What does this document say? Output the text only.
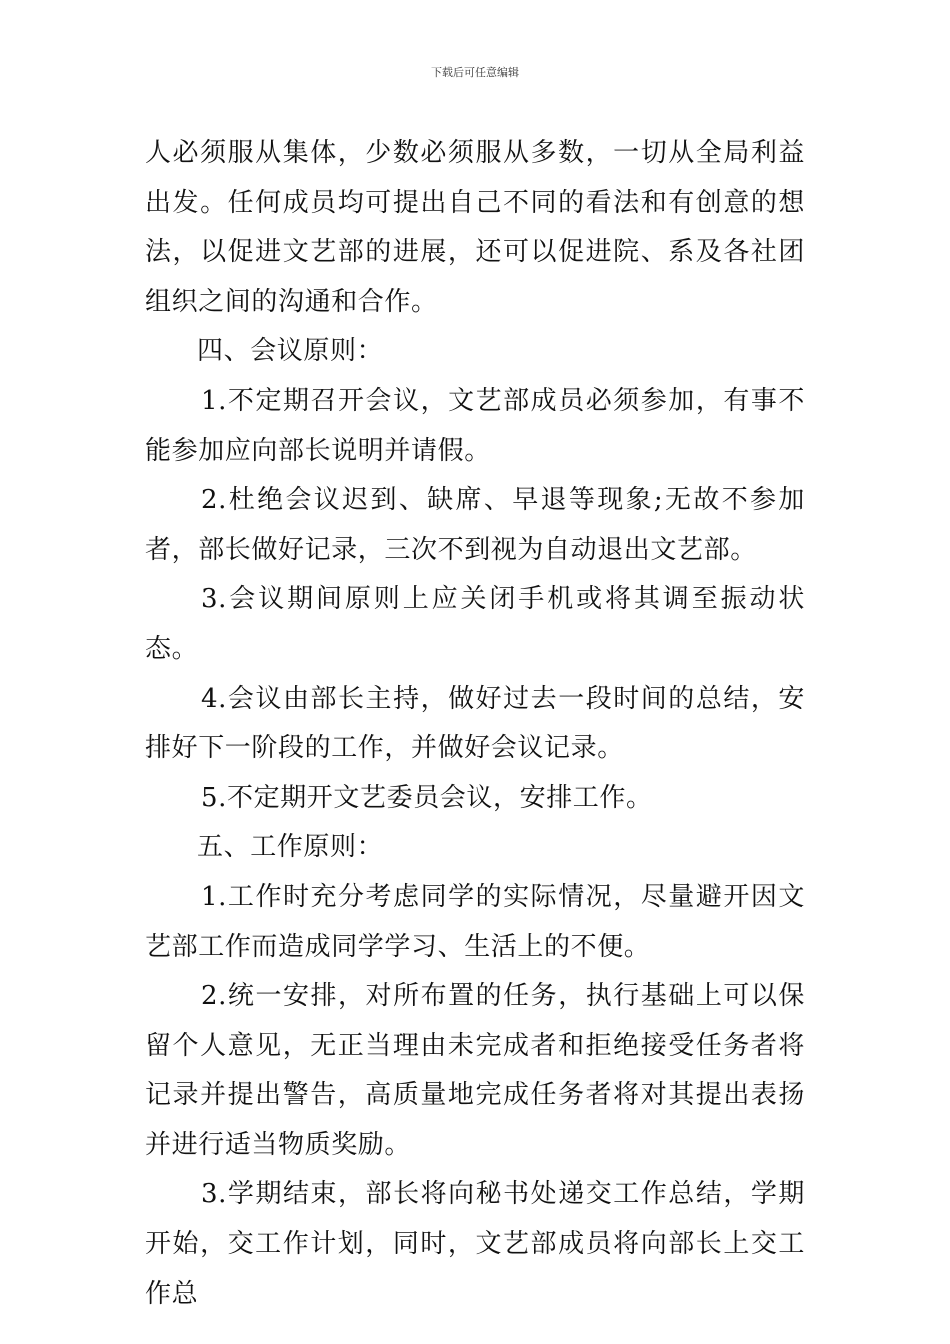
下载后可任意编辑

人必须服从集体，少数必须服从多数，一切从全局利益出发。任何成员均可提出自己不同的看法和有创意的想法，以促进文艺部的进展，还可以促进院、系及各社团组织之间的沟通和合作。

四、会议原则：

1.不定期召开会议，文艺部成员必须参加，有事不能参加应向部长说明并请假。

2.杜绝会议迟到、缺席、早退等现象;无故不参加者，部长做好记录，三次不到视为自动退出文艺部。

3.会议期间原则上应关闭手机或将其调至振动状态。

4.会议由部长主持，做好过去一段时间的总结，安排好下一阶段的工作，并做好会议记录。

5.不定期开文艺委员会议，安排工作。

五、工作原则：

1.工作时充分考虑同学的实际情况，尽量避开因文艺部工作而造成同学学习、生活上的不便。

2.统一安排，对所布置的任务，执行基础上可以保留个人意见，无正当理由未完成者和拒绝接受任务者将记录并提出警告，高质量地完成任务者将对其提出表扬并进行适当物质奖励。

3.学期结束，部长将向秘书处递交工作总结，学期开始，交工作计划，同时，文艺部成员将向部长上交工作总
